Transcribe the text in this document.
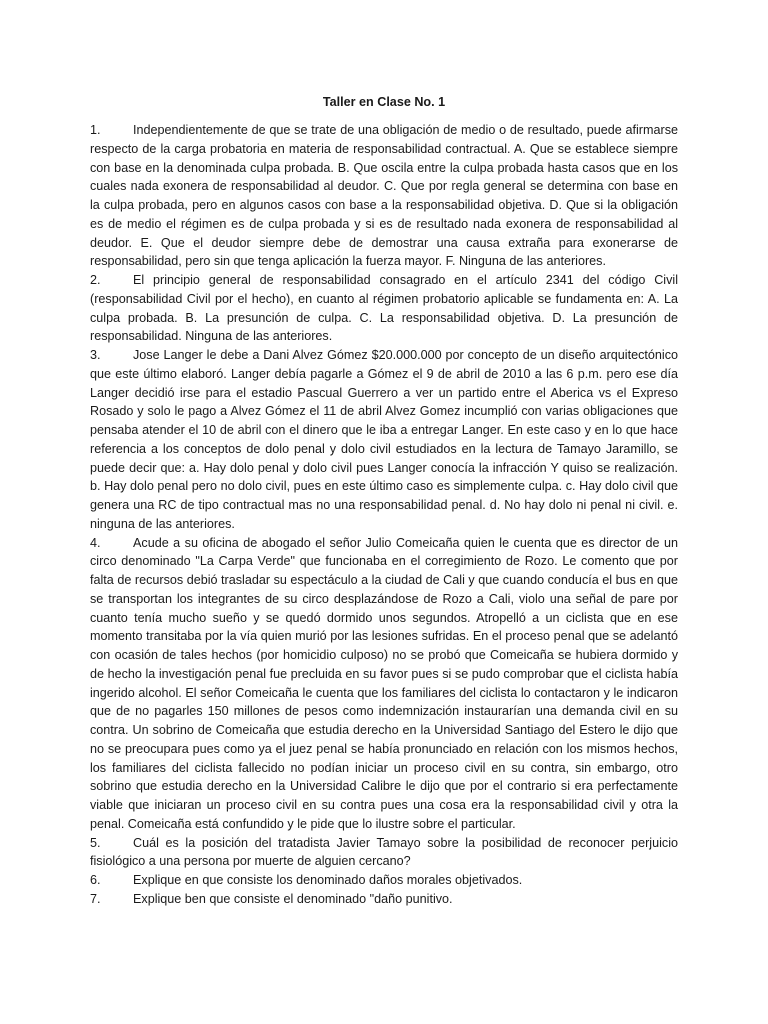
Taller en Clase No. 1

1.	Independientemente de que se trate de una obligación de medio o de resultado, puede afirmarse respecto de la carga probatoria en materia de responsabilidad contractual. A. Que se establece siempre con base en la denominada culpa probada. B. Que oscila entre la culpa probada hasta casos que en los cuales nada exonera de responsabilidad al deudor. C. Que por regla general se determina con base en la culpa probada, pero en algunos casos con base a la responsabilidad objetiva. D. Que si la obligación es de medio el régimen es de culpa probada y si es de resultado nada exonera de responsabilidad al deudor. E. Que el deudor siempre debe de demostrar una causa extraña para exonerarse de responsabilidad, pero sin que tenga aplicación la fuerza mayor. F. Ninguna de las anteriores.

2.	El principio general de responsabilidad consagrado en el artículo 2341 del código Civil (responsabilidad Civil por el hecho), en cuanto al régimen probatorio aplicable se fundamenta en: A. La culpa probada. B. La presunción de culpa. C. La responsabilidad objetiva. D. La presunción de responsabilidad. Ninguna de las anteriores.

3.	Jose Langer le debe a Dani Alvez Gómez $20.000.000 por concepto de un diseño arquitectónico que este último elaboró. Langer debía pagarle a Gómez el 9 de abril de 2010 a las 6 p.m. pero ese día Langer decidió irse para el estadio Pascual Guerrero a ver un partido entre el Aberica vs el Expreso Rosado y solo le pago a Alvez Gómez el 11 de abril Alvez Gomez incumplió con varias obligaciones que pensaba atender el 10 de abril con el dinero que le iba a entregar Langer. En este caso y en lo que hace referencia a los conceptos de dolo penal y dolo civil estudiados en la lectura de Tamayo Jaramillo, se puede decir que: a. Hay dolo penal y dolo civil pues Langer conocía la infracción Y quiso se realización. b. Hay dolo penal pero no dolo civil, pues en este último caso es simplemente culpa. c. Hay dolo civil que genera una RC de tipo contractual mas no una responsabilidad penal. d. No hay dolo ni penal ni civil. e. ninguna de las anteriores.

4.	Acude a su oficina de abogado el señor Julio Comeicaña quien le cuenta que es director de un circo denominado "La Carpa Verde" que funcionaba en el corregimiento de Rozo. Le comento que por falta de recursos debió trasladar su espectáculo a la ciudad de Cali y que cuando conducía el bus en que se transportan los integrantes de su circo desplazándose de Rozo a Cali, violo una señal de pare por cuanto tenía mucho sueño y se quedó dormido unos segundos. Atropelló a un ciclista que en ese momento transitaba por la vía quien murió por las lesiones sufridas. En el proceso penal que se adelantó con ocasión de tales hechos (por homicidio culposo) no se probó que Comeicaña se hubiera dormido y de hecho la investigación penal fue precluida en su favor pues si se pudo comprobar que el ciclista había ingerido alcohol. El señor Comeicaña le cuenta que los familiares del ciclista lo contactaron y le indicaron que de no pagarles 150 millones de pesos como indemnización instaurarían una demanda civil en su contra. Un sobrino de Comeicaña que estudia derecho en la Universidad Santiago del Estero le dijo que no se preocupara pues como ya el juez penal se había pronunciado en relación con los mismos hechos, los familiares del ciclista fallecido no podían iniciar un proceso civil en su contra, sin embargo, otro sobrino que estudia derecho en la Universidad Calibre le dijo que por el contrario si era perfectamente viable que iniciaran un proceso civil en su contra pues una cosa era la responsabilidad civil y otra la penal. Comeicaña está confundido y le pide que lo ilustre sobre el particular.

5.	Cuál es la posición del tratadista Javier Tamayo sobre la posibilidad de reconocer perjuicio fisiológico a una persona por muerte de alguien cercano?

6.	Explique en que consiste los denominado daños morales objetivados.

7.	Explique ben que consiste el denominado "daño punitivo.
